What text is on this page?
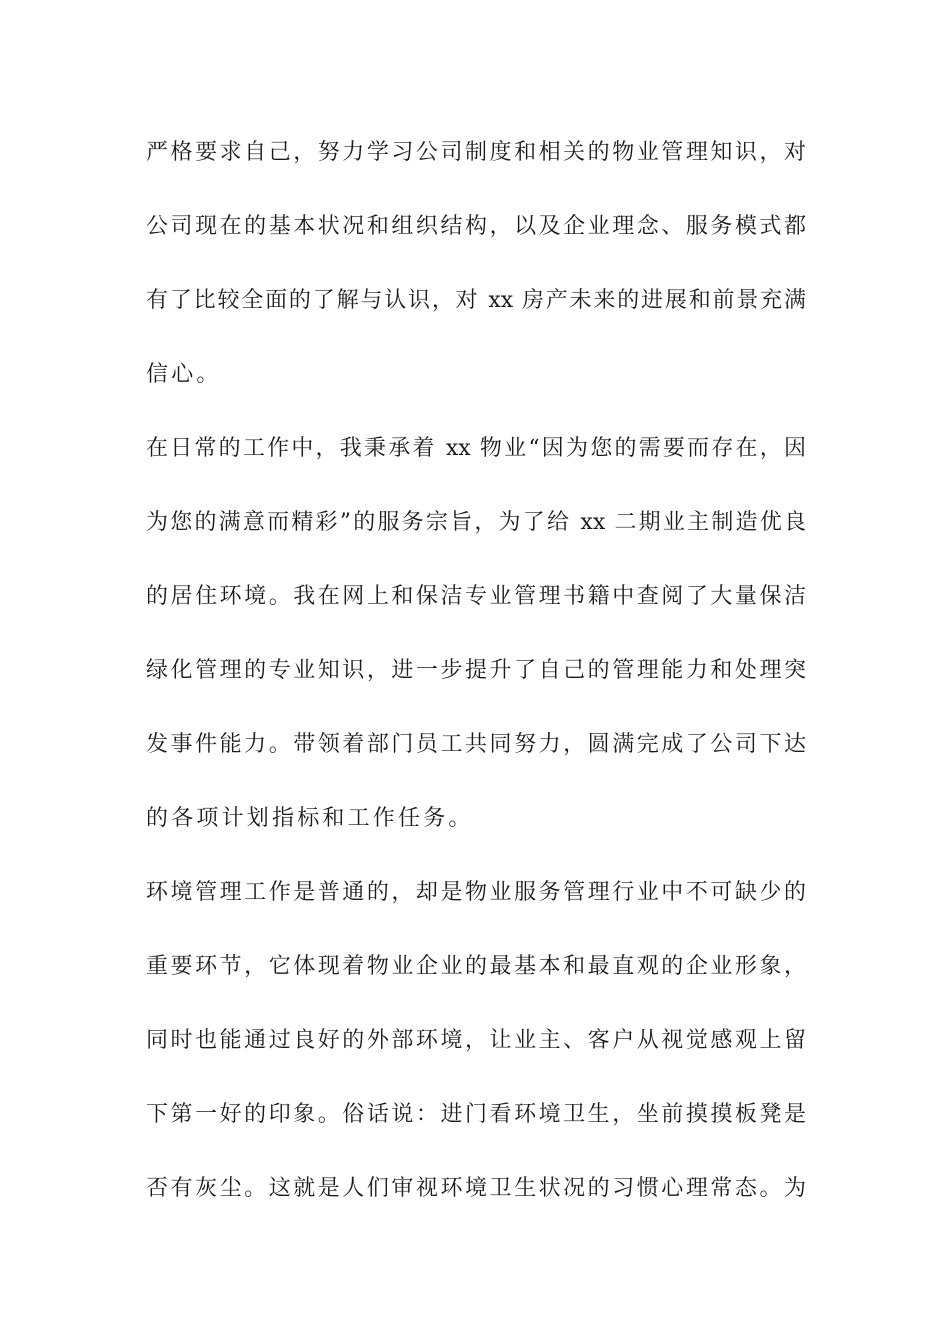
严格要求自己，努力学习公司制度和相关的物业管理知识，对
公司现在的基本状况和组织结构，以及企业理念、服务模式都
有了比较全面的了解与认识，对 xx 房产未来的进展和前景充满
信心。
在日常的工作中，我秉承着 xx 物业“因为您的需要而存在，因
为您的满意而精彩”的服务宗旨，为了给 xx 二期业主制造优良
的居住环境。我在网上和保洁专业管理书籍中查阅了大量保洁
绿化管理的专业知识，进一步提升了自己的管理能力和处理突
发事件能力。带领着部门员工共同努力，圆满完成了公司下达
的各项计划指标和工作任务。
环境管理工作是普通的，却是物业服务管理行业中不可缺少的
重要环节，它体现着物业企业的最基本和最直观的企业形象，
同时也能通过良好的外部环境，让业主、客户从视觉感观上留
下第一好的印象。俗话说：进门看环境卫生，坐前摸摸板凳是
否有灰尘。这就是人们审视环境卫生状况的习惯心理常态。为
